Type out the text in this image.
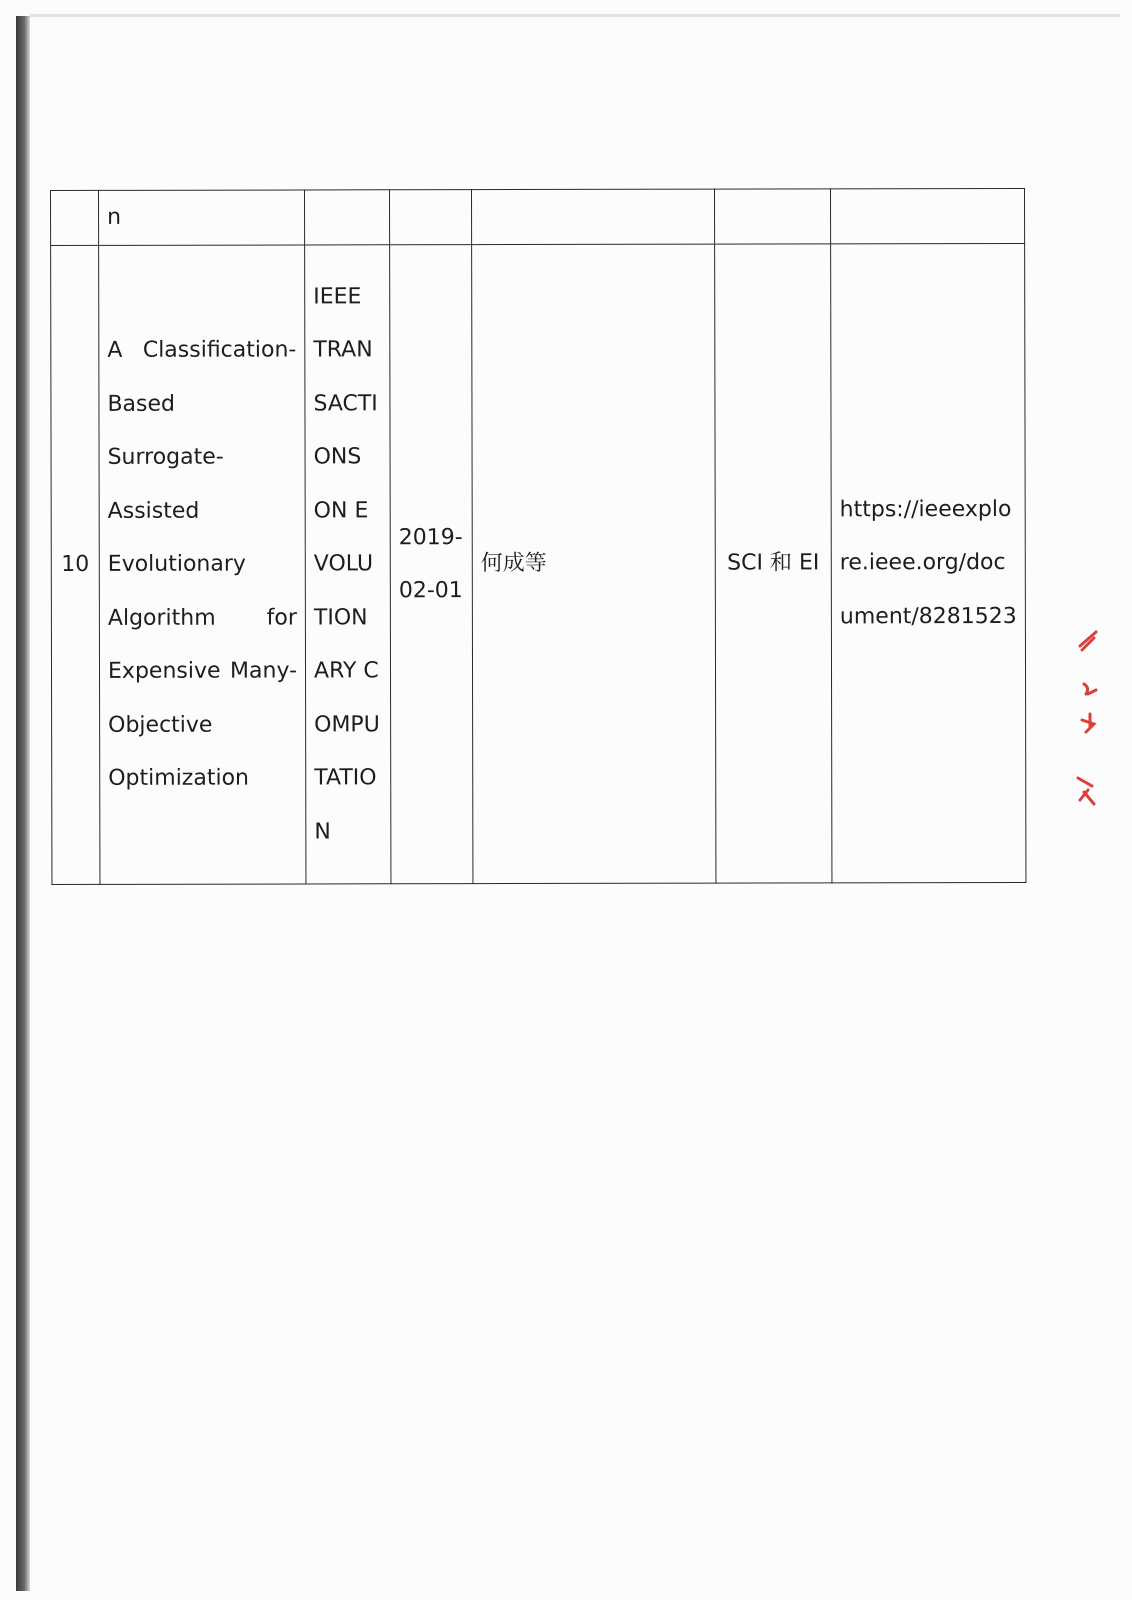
	n					
10	A Classification-Based Surrogate-Assisted Evolutionary Algorithm for Expensive Many-Objective Optimization	IEEE TRANSACTIONS ON EVOLUTIONARY COMPUTATION	2019-02-01	何成等	SCI 和 EI	https://ieeexplore.ieee.org/document/8281523
